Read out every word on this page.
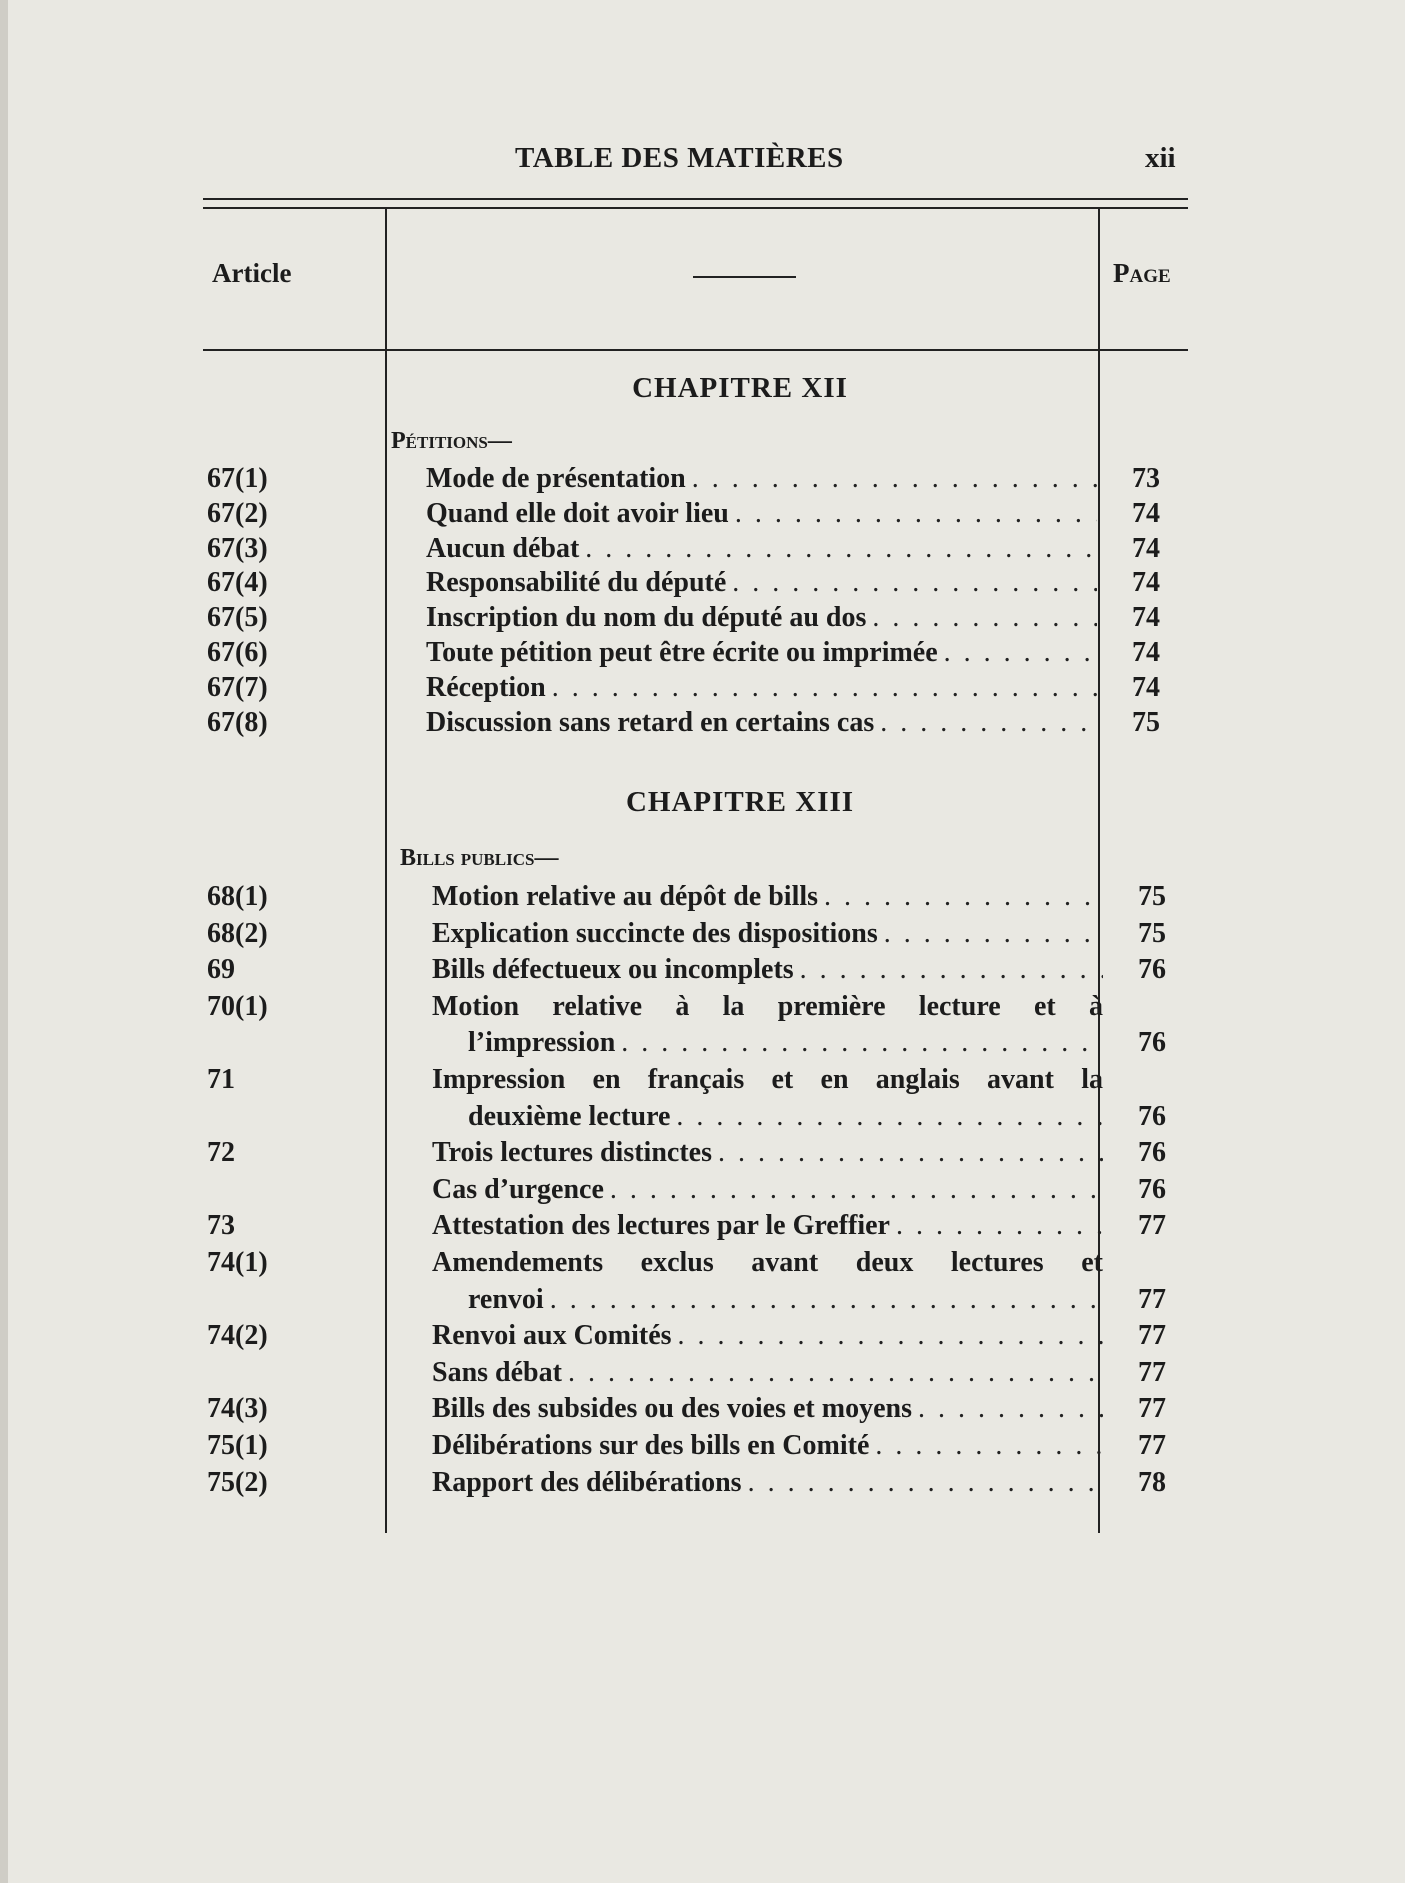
TABLE DES MATIÈRES	xii
Article	Page
CHAPITRE XII
Pétitions—
67(1)	Mode de présentation . . .	73
67(2)	Quand elle doit avoir lieu . . .	74
67(3)	Aucun débat . . .	74
67(4)	Responsabilité du député . . .	74
67(5)	Inscription du nom du député au dos . . .	74
67(6)	Toute pétition peut être écrite ou imprimée . . .	74
67(7)	Réception . . .	74
67(8)	Discussion sans retard en certains cas . . .	75
CHAPITRE XIII
Bills publics—
68(1)	Motion relative au dépôt de bills . . .	75
68(2)	Explication succincte des dispositions . . .	75
69	Bills défectueux ou incomplets . . .	76
70(1)	Motion relative à la première lecture et à
l’impression . . .	76
71	Impression en français et en anglais avant la
deuxième lecture . . .	76
72	Trois lectures distinctes . . .	76
Cas d’urgence . . .	76
73	Attestation des lectures par le Greffier . . .	77
74(1)	Amendements exclus avant deux lectures et
renvoi . . .	77
74(2)	Renvoi aux Comités . . .	77
Sans débat . . .	77
74(3)	Bills des subsides ou des voies et moyens . . .	77
75(1)	Délibérations sur des bills en Comité . . .	77
75(2)	Rapport des délibérations . . .	78
